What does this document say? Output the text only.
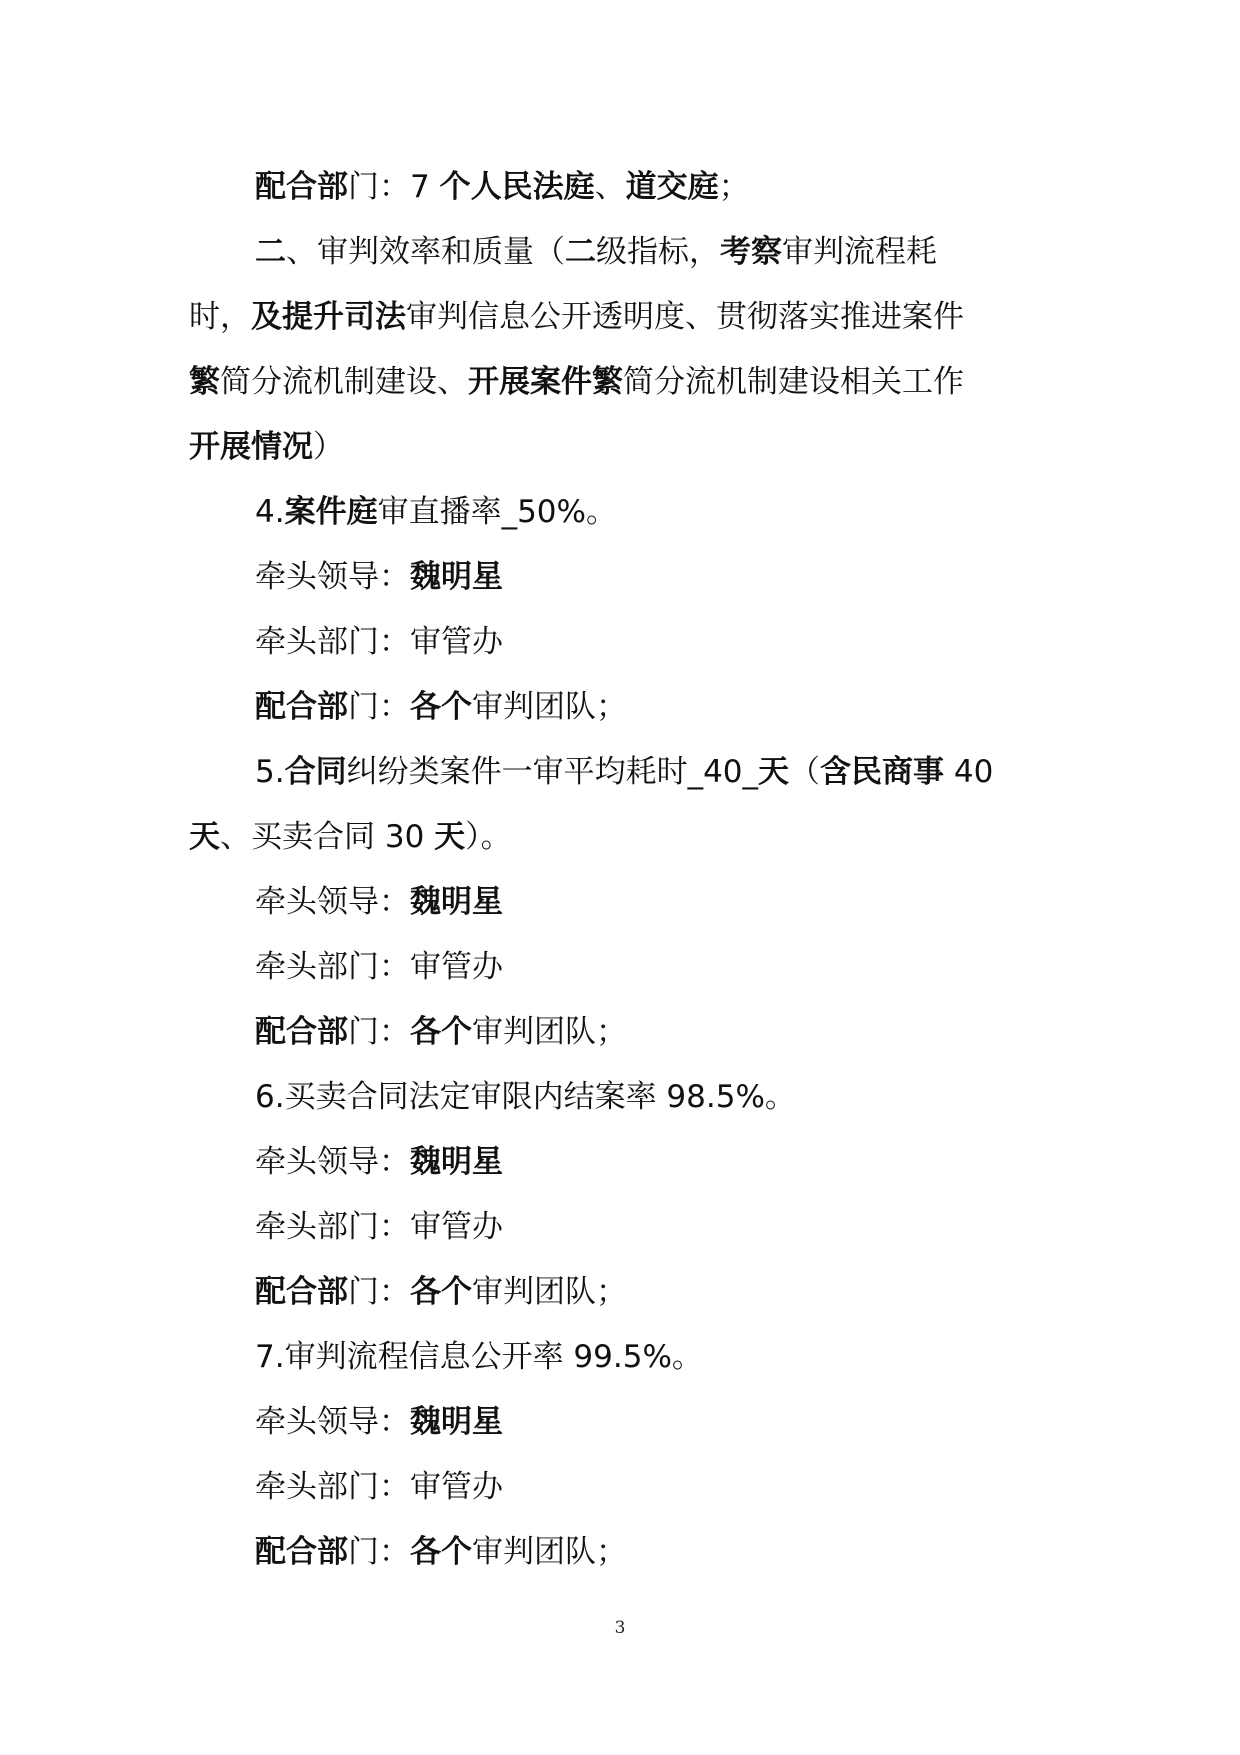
配合部门：7 个人民法庭、道交庭；
二、审判效率和质量（二级指标，考察审判流程耗
时，及提升司法审判信息公开透明度、贯彻落实推进案件
繁简分流机制建设、开展案件繁简分流机制建设相关工作
开展情况）
4.案件庭审直播率_50%。
牵头领导：魏明星
牵头部门：审管办
配合部门：各个审判团队；
5.合同纠纷类案件一审平均耗时_40_天（含民商事 40
天、买卖合同 30 天）。
牵头领导：魏明星
牵头部门：审管办
配合部门：各个审判团队；
6.买卖合同法定审限内结案率 98.5%。
牵头领导：魏明星
牵头部门：审管办
配合部门：各个审判团队；
7.审判流程信息公开率 99.5%。
牵头领导：魏明星
牵头部门：审管办
配合部门：各个审判团队；
3
